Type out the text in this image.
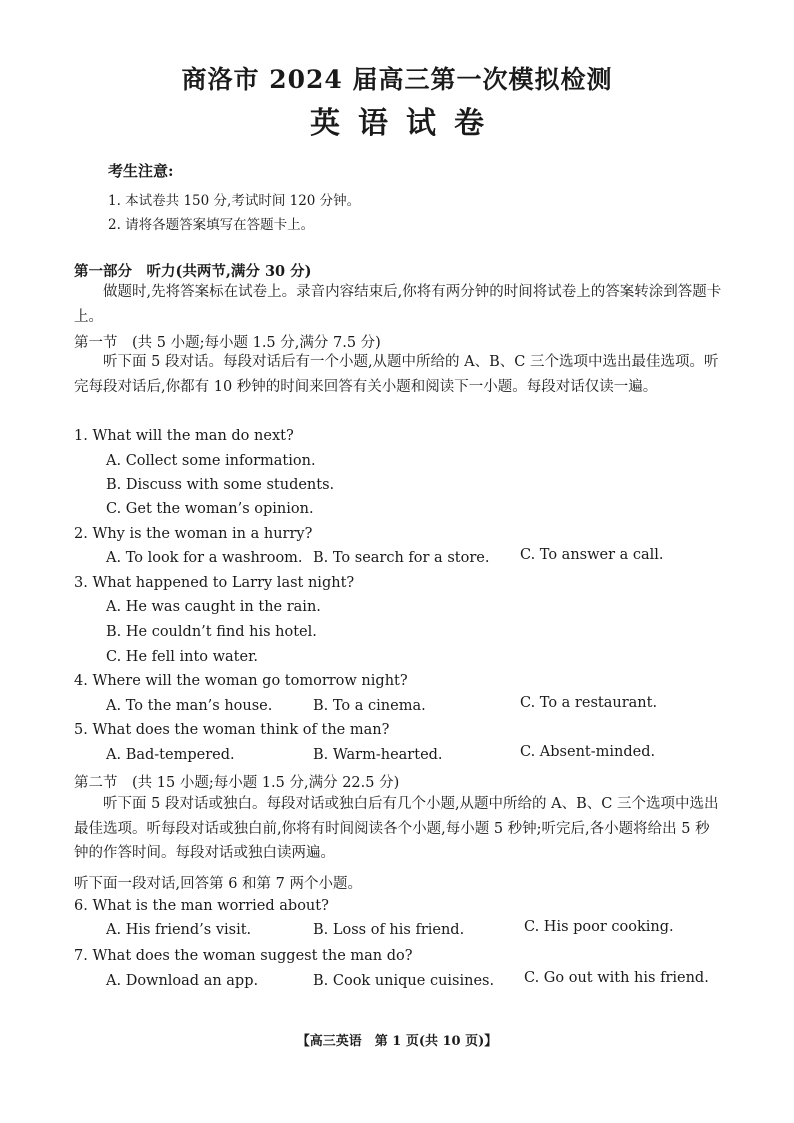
商洛市 2024 届高三第一次模拟检测
英语试卷
考生注意:
1. 本试卷共 150 分,考试时间 120 分钟。
2. 请将各题答案填写在答题卡上。
第一部分　听力(共两节,满分 30 分)
做题时,先将答案标在试卷上。录音内容结束后,你将有两分钟的时间将试卷上的答案转涂到答题卡上。
第一节　(共 5 小题;每小题 1.5 分,满分 7.5 分)
听下面 5 段对话。每段对话后有一个小题,从题中所给的 A、B、C 三个选项中选出最佳选项。听完每段对话后,你都有 10 秒钟的时间来回答有关小题和阅读下一小题。每段对话仅读一遍。
1. What will the man do next?
A. Collect some information.
B. Discuss with some students.
C. Get the woman’s opinion.
2. Why is the woman in a hurry?
A. To look for a washroom. B. To search for a store. C. To answer a call.
3. What happened to Larry last night?
A. He was caught in the rain.
B. He couldn’t find his hotel.
C. He fell into water.
4. Where will the woman go tomorrow night?
A. To the man’s house.	B. To a cinema.	C. To a restaurant.
5. What does the woman think of the man?
A. Bad-tempered.	B. Warm-hearted.	C. Absent-minded.
第二节　(共 15 小题;每小题 1.5 分,满分 22.5 分)
听下面 5 段对话或独白。每段对话或独白后有几个小题,从题中所给的 A、B、C 三个选项中选出最佳选项。听每段对话或独白前,你将有时间阅读各个小题,每小题 5 秒钟;听完后,各小题将给出 5 秒钟的作答时间。每段对话或独白读两遍。
听下面一段对话,回答第 6 和第 7 两个小题。
6. What is the man worried about?
A. His friend’s visit.	B. Loss of his friend.	C. His poor cooking.
7. What does the woman suggest the man do?
A. Download an app.	B. Cook unique cuisines. C. Go out with his friend.
【高三英语　第 1 页(共 10 页)】
